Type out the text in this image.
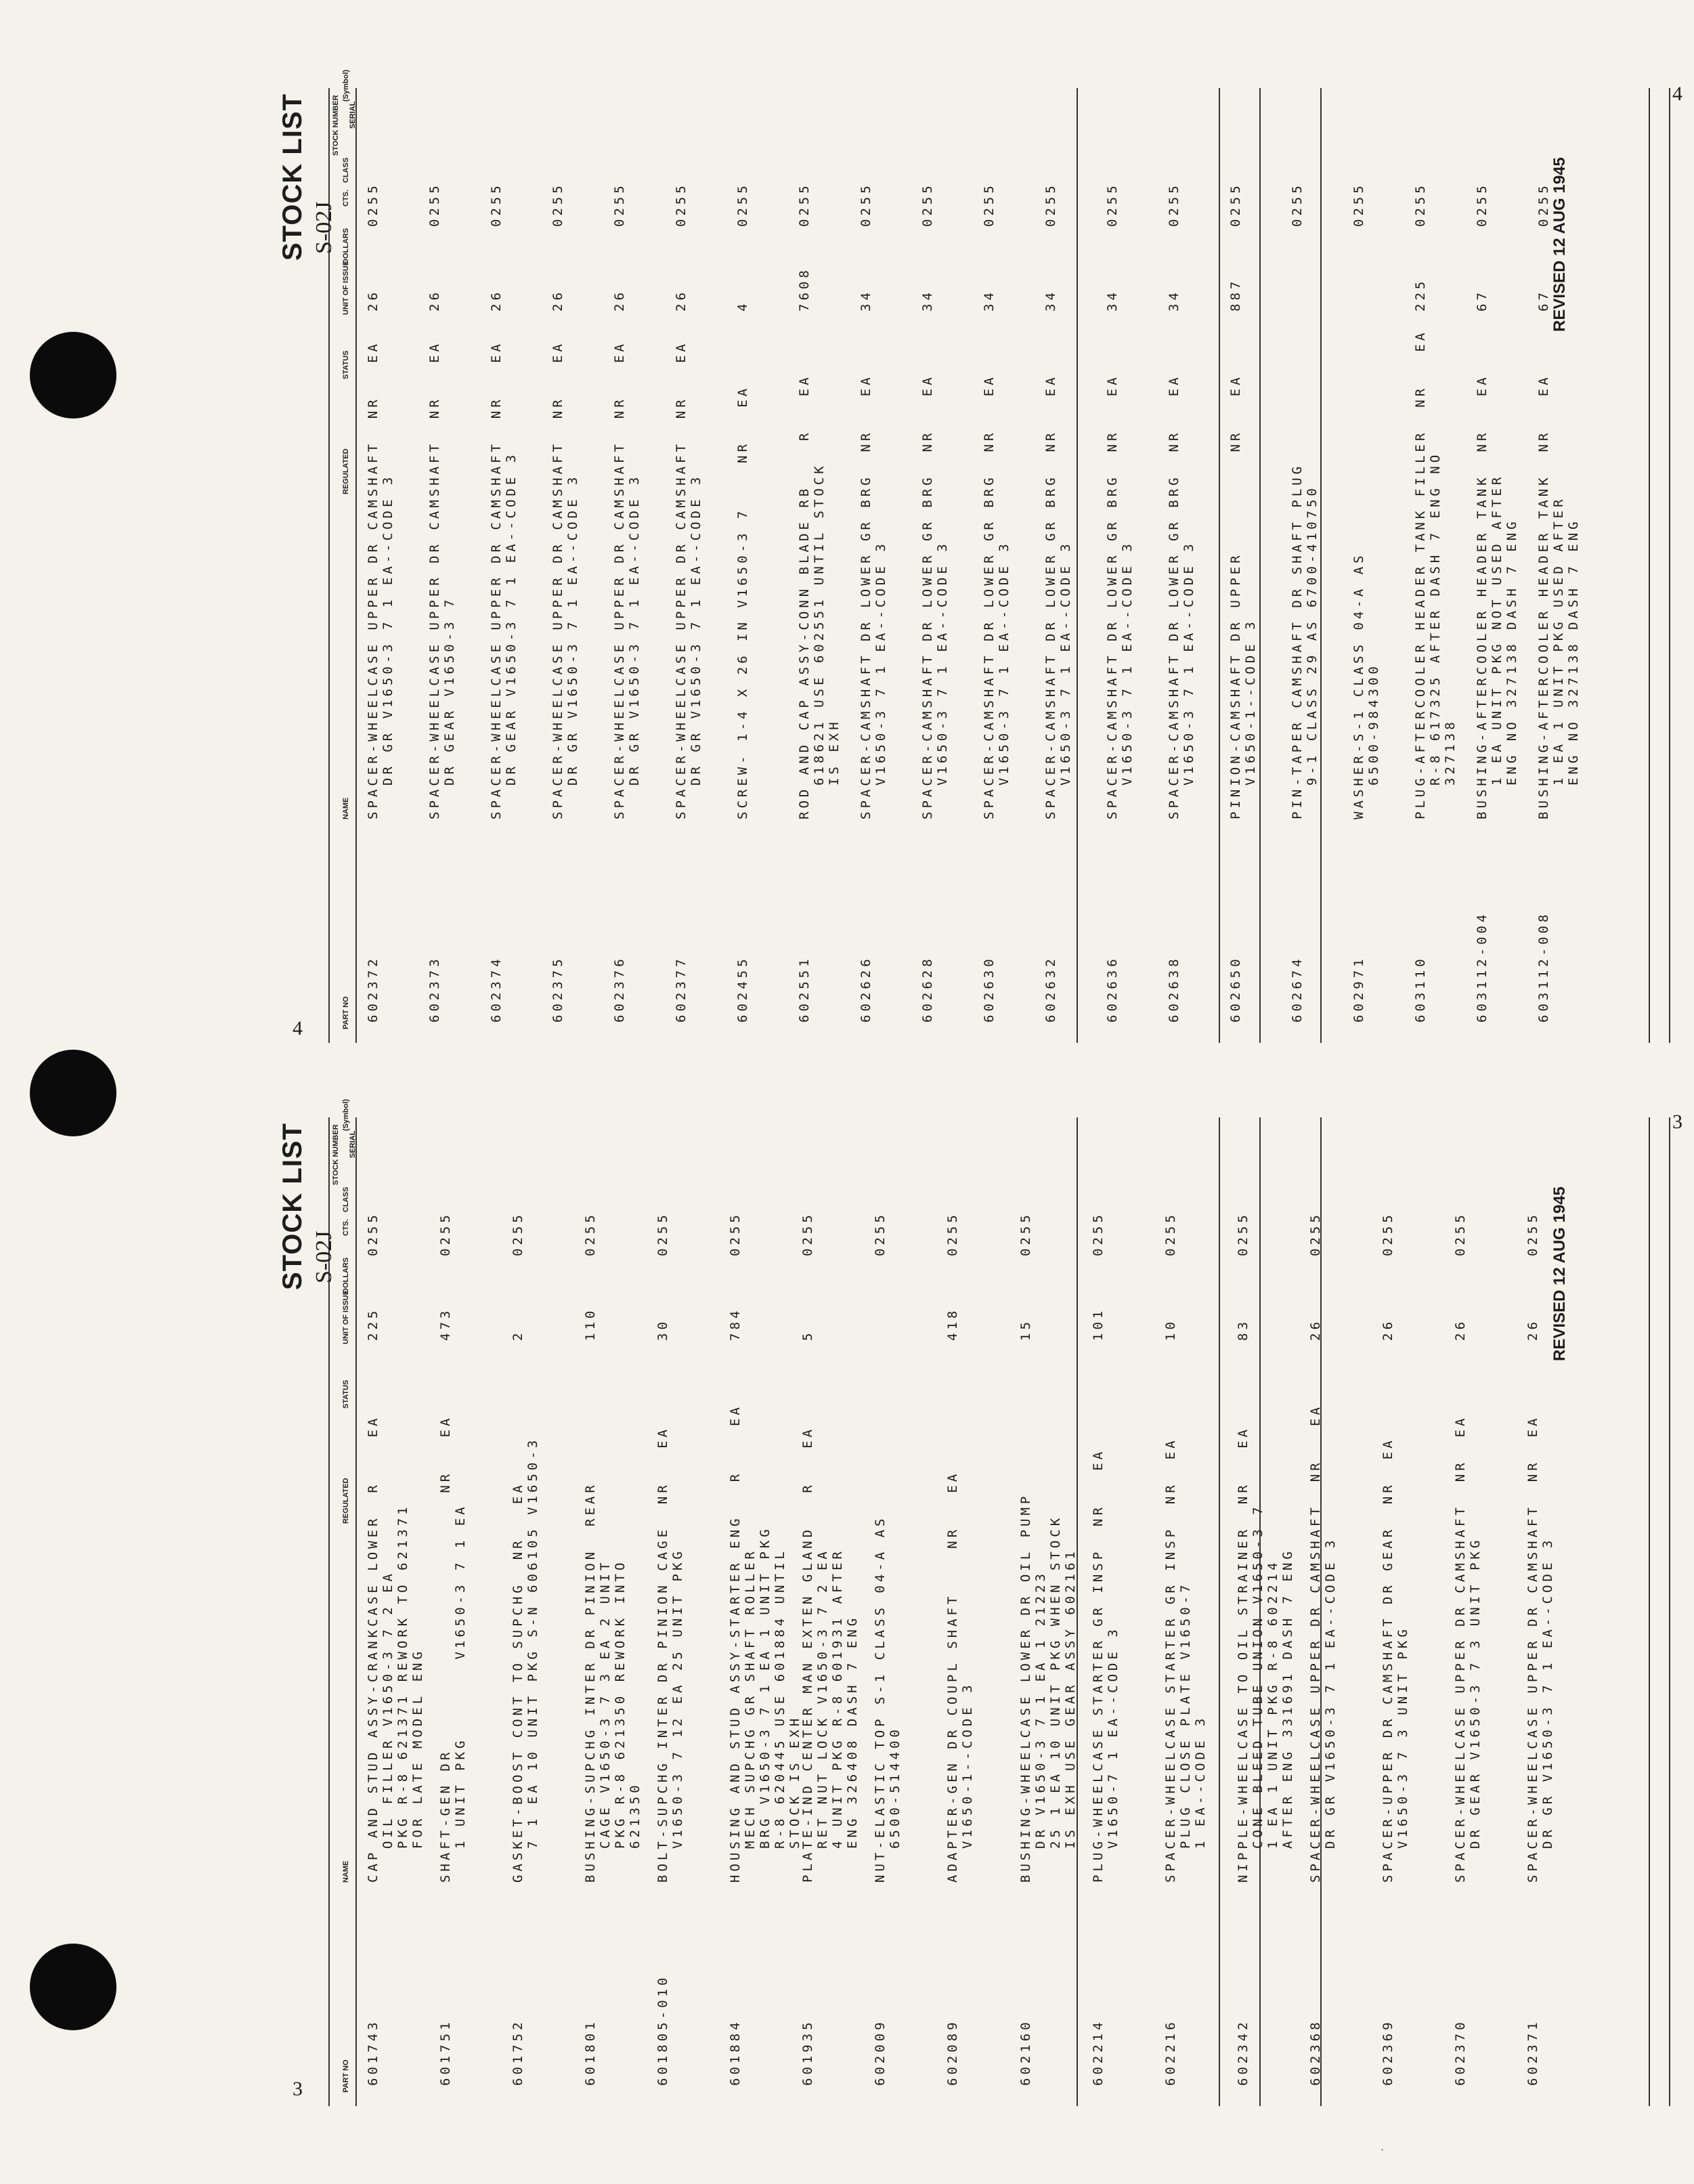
4
4
3
3
*
STOCK LIST S-02J
PART NO
NAME
REGULATED
STATUS
UNIT OF ISSUE
DOLLARS
CTS.
CLASS
STOCK NUMBER SERIAL
(Symbol)
REVISED 12 AUG 1945
601743
CAP AND STUD ASSY-CRANKCASE LOWER  R    EA OIL FILLER V1650-3 7 2 EA PKG R-8 621371 REWORK TO 621371 FOR LATE MODEL ENG
225
0255
601751
SHAFT-GEN DR                       NR   EA 1 UNIT PKG       V1650-3 7 1 EA
473
0255
601752
GASKET-BOOST CONT TO SUPCHG  NR   EA 7 1 EA 10 UNIT PKG S-N 606105 V1650-3
2
0255
601801
BUSHING-SUPCHG INTER DR PINION  REAR CAGE V1650-3 7 3 EA 2 UNIT PKG R-8 621350 REWORK INTO 621350
110
0255
601805-010
BOLT-SUPCHG INTER DR PINION CAGE  NR   EA V1650-3 7 12 EA 25 UNIT PKG
30
0255
601884
HOUSING AND STUD ASSY-STARTER ENG   R    EA MECH SUPCHG GR SHAFT ROLLER BRG V1650-3 7 1 EA 1 UNIT PKG R-8 620445 USE 601884 UNTIL STOCK IS EXH
784
0255
601935
PLATE-IND CENTER MAN EXTEN GLAND   R   EA RET NUT LOCK V1650-3 7 2 EA 4 UNIT PKG R-8 601931 AFTER ENG 326408 DASH 7 ENG
5
0255
602009
NUT-ELASTIC TOP S-1 CLASS 04-A AS 6500-514400
0255
602089
ADAPTER-GEN DR COUPL SHAFT    NR   EA V1650-1--CODE 3
418
0255
602160
BUSHING-WHEELCASE LOWER DR OIL PUMP DR V1650-3 7 1 EA 1 21223 25 1 EA 10 UNIT PKG WHEN STOCK IS EXH USE GEAR ASSY 602161
15
0255
602214
PLUG-WHEELCASE STARTER GR INSP  NR   EA V1650-7 1 EA--CODE 3
101
0255
602216
SPACER-WHEELCASE STARTER GR INSP  NR  EA PLUG CLOSE PLATE V1650-7 1 EA--CODE 3
10
0255
602342
NIPPLE-WHEELCASE TO OIL STRAINER  NR   EA CONE BLEED TUBE UNION V1650-3 7 1 EA 1 UNIT PKG R-8 602214 AFTER ENG 331691 DASH 7 ENG
83
0255
602368
SPACER-WHEELCASE UPPER DR CAMSHAFT  NR   EA DR GR V1650-3 7 1 EA--CODE 3
26
0255
602369
SPACER-UPPER DR CAMSHAFT DR GEAR  NR  EA V1650-3 7 3 UNIT PKG
26
0255
602370
SPACER-WHEELCASE UPPER DR CAMSHAFT  NR  EA DR GEAR V1650-3 7 3 UNIT PKG
26
0255
602371
SPACER-WHEELCASE UPPER DR CAMSHAFT  NR  EA DR GR V1650-3 7 1 EA--CODE 3
26
0255
STOCK LIST S-02J
PART NO
NAME
REGULATED
STATUS
UNIT OF ISSUE
DOLLARS
CTS.
CLASS
STOCK NUMBER SERIAL
(Symbol)
REVISED 12 AUG 1945
602372
SPACER-WHEELCASE UPPER DR CAMSHAFT  NR   EA DR GR V1650-3 7 1 EA--CODE 3
26
0255
602373
SPACER-WHEELCASE UPPER DR CAMSHAFT  NR   EA DR GEAR V1650-3 7
26
0255
602374
SPACER-WHEELCASE UPPER DR CAMSHAFT  NR   EA DR GEAR V1650-3 7 1 EA--CODE 3
26
0255
602375
SPACER-WHEELCASE UPPER DR CAMSHAFT  NR   EA DR GR V1650-3 7 1 EA--CODE 3
26
0255
602376
SPACER-WHEELCASE UPPER DR CAMSHAFT  NR   EA DR GR V1650-3 7 1 EA--CODE 3
26
0255
602377
SPACER-WHEELCASE UPPER DR CAMSHAFT  NR   EA DR GR V1650-3 7 1 EA--CODE 3
26
0255
602455
SCREW- 1-4 X 26 IN V1650-3 7    NR   EA
4
0255
602551
ROD AND CAP ASSY-CONN BLADE RB    R   EA 618621 USE 602551 UNTIL STOCK IS EXH
7608
0255
602626
SPACER-CAMSHAFT DR LOWER GR BRG  NR   EA V1650-3 7 1 EA--CODE 3
34
0255
602628
SPACER-CAMSHAFT DR LOWER GR BRG  NR   EA V1650-3 7 1 EA--CODE 3
34
0255
602630
SPACER-CAMSHAFT DR LOWER GR BRG  NR   EA V1650-3 7 1 EA--CODE 3
34
0255
602632
SPACER-CAMSHAFT DR LOWER GR BRG  NR   EA V1650-3 7 1 EA--CODE 3
34
0255
602636
SPACER-CAMSHAFT DR LOWER GR BRG  NR   EA V1650-3 7 1 EA--CODE 3
34
0255
602638
SPACER-CAMSHAFT DR LOWER GR BRG  NR   EA V1650-3 7 1 EA--CODE 3
34
0255
602650
PINION-CAMSHAFT DR UPPER         NR   EA V1650-1--CODE 3
887
0255
602674
PIN-TAPER CAMSHAFT DR SHAFT PLUG 9-1 CLASS 29 AS 6700-410750
0255
602971
WASHER-S-1 CLASS 04-A AS 6500-984300
0255
603110
PLUG-AFTERCOOLER HEADER TANK FILLER  NR   EA R-8 617325 AFTER DASH 7 ENG NO 327138
225
0255
603112-004
BUSHING-AFTERCOOLER HEADER TANK  NR   EA 1 EA UNIT PKG NOT USED AFTER ENG NO 327138 DASH 7 ENG
67
0255
603112-008
BUSHING-AFTERCOOLER HEADER TANK  NR   EA 1 EA 1 UNIT PKG USED AFTER ENG NO 327138 DASH 7 ENG
67
0255
